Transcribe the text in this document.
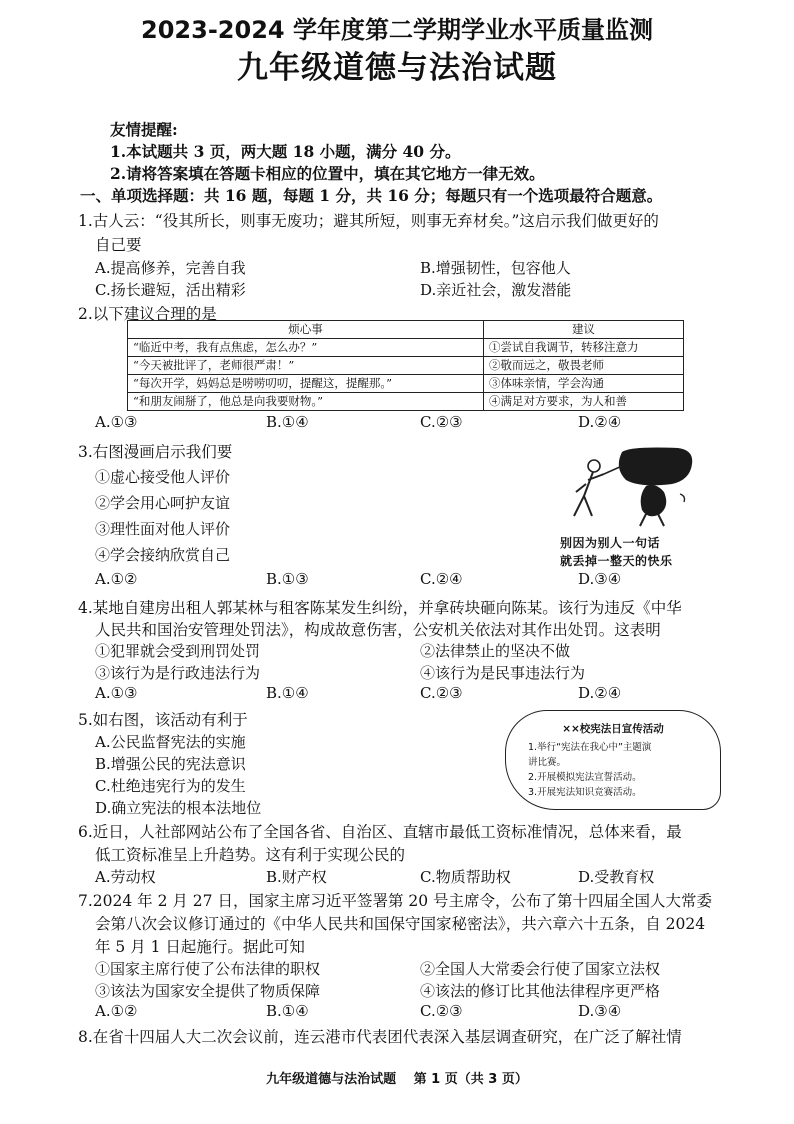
2023-2024 学年度第二学期学业水平质量监测
九年级道德与法治试题
友情提醒:
1.本试题共 3 页，两大题 18 小题，满分 40 分。
2.请将答案填在答题卡相应的位置中，填在其它地方一律无效。
一、单项选择题：共 16 题，每题 1 分，共 16 分；每题只有一个选项最符合题意。
1.古人云：“役其所长，则事无废功；避其所短，则事无弃材矣。”这启示我们做更好的
自己要
A.提高修养，完善自我	B.增强韧性，包容他人
C.扬长避短，活出精彩	D.亲近社会，激发潜能
2.以下建议合理的是
烦心事	建议
“临近中考，我有点焦虑，怎么办？”	①尝试自我调节，转移注意力
“今天被批评了，老师很严肃！”	②敬而远之，敬畏老师
“每次开学，妈妈总是唠唠叨叨，提醒这，提醒那。”	③体味亲情，学会沟通
“和朋友闹掰了，他总是向我要财物。”	④满足对方要求，为人和善
A.①③	B.①④	C.②③	D.②④
3.右图漫画启示我们要
①虚心接受他人评价
②学会用心呵护友谊
③理性面对他人评价
④学会接纳欣赏自己
别因为别人一句话
就丢掉一整天的快乐
A.①②	B.①③	C.②④	D.③④
4.某地自建房出租人郭某林与租客陈某发生纠纷，并拿砖块砸向陈某。该行为违反《中华
人民共和国治安管理处罚法》，构成故意伤害，公安机关依法对其作出处罚。这表明
①犯罪就会受到刑罚处罚	②法律禁止的坚决不做
③该行为是行政违法行为	④该行为是民事违法行为
A.①③	B.①④	C.②③	D.②④
5.如右图，该活动有利于
A.公民监督宪法的实施
B.增强公民的宪法意识
C.杜绝违宪行为的发生
D.确立宪法的根本法地位
××校宪法日宣传活动
1.举行“宪法在我心中”主题演
讲比赛。
2.开展模拟宪法宣誓活动。
3.开展宪法知识竞赛活动。
6.近日，人社部网站公布了全国各省、自治区、直辖市最低工资标准情况，总体来看，最
低工资标准呈上升趋势。这有利于实现公民的
A.劳动权	B.财产权	C.物质帮助权	D.受教育权
7.2024 年 2 月 27 日，国家主席习近平签署第 20 号主席令，公布了第十四届全国人大常委
会第八次会议修订通过的《中华人民共和国保守国家秘密法》，共六章六十五条，自 2024
年 5 月 1 日起施行。据此可知
①国家主席行使了公布法律的职权	②全国人大常委会行使了国家立法权
③该法为国家安全提供了物质保障	④该法的修订比其他法律程序更严格
A.①②	B.①④	C.②③	D.③④
8.在省十四届人大二次会议前，连云港市代表团代表深入基层调查研究，在广泛了解社情
九年级道德与法治试题　 第 1 页（共 3 页）
